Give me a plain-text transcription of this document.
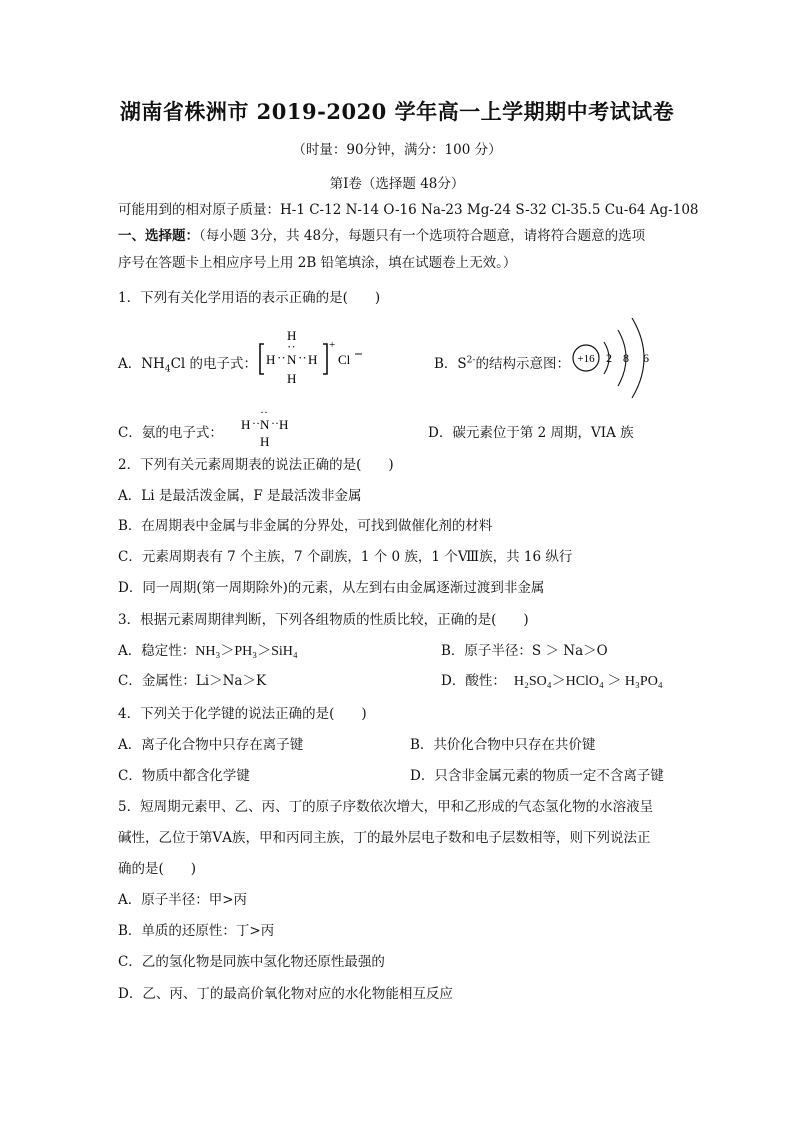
湖南省株洲市 2019-2020 学年高一上学期期中考试试卷
（时量：90分钟，满分：100 分）
第Ⅰ卷（选择题 48分）
可能用到的相对原子质量：H-1 C-12 N-14 O-16 Na-23 Mg-24 S-32 Cl-35.5 Cu-64 Ag-108
一、选择题：（每小题 3分，共 48分，每题只有一个选项符合题意，请将符合题意的选项
序号在答题卡上相应序号上用 2B 铅笔填涂，填在试题卷上无效。）
1．下列有关化学用语的表示正确的是(　　)
A．$NH_4Cl$ 的电子式：
H
H ·· N ·· H
··
H
+
Cl	B．$S^{2-}$的结构示意图： +16 2 8 6
C．氨的电子式：
··
H ·· N ·· H
H
D．碳元素位于第 2 周期，VIA 族
2．下列有关元素周期表的说法正确的是(　　)
A．Li 是最活泼金属，F 是最活泼非金属
B．在周期表中金属与非金属的分界处，可找到做催化剂的材料
C．元素周期表有 7 个主族，7 个副族，1 个 0 族，1 个Ⅷ族，共 16 纵行
D．同一周期(第一周期除外)的元素，从左到右由金属逐渐过渡到非金属
3．根据元素周期律判断，下列各组物质的性质比较，正确的是(　　)
A．稳定性：NH₃＞PH₃＞SiH₄	B．原子半径：S ＞ Na＞O
C．金属性：Li＞Na＞K	D．酸性： H₂SO₄＞HClO₄ ＞ H₃PO₄
4．下列关于化学键的说法正确的是(　　)
A．离子化合物中只存在离子键	B．共价化合物中只存在共价键
C．物质中都含化学键	D．只含非金属元素的物质一定不含离子键
5．短周期元素甲、乙、丙、丁的原子序数依次增大，甲和乙形成的气态氢化物的水溶液呈
碱性，乙位于第ⅤA族，甲和丙同主族，丁的最外层电子数和电子层数相等，则下列说法正
确的是(　　)
A．原子半径：甲>丙
B．单质的还原性：丁>丙
C．乙的氢化物是同族中氢化物还原性最强的
D．乙、丙、丁的最高价氧化物对应的水化物能相互反应
